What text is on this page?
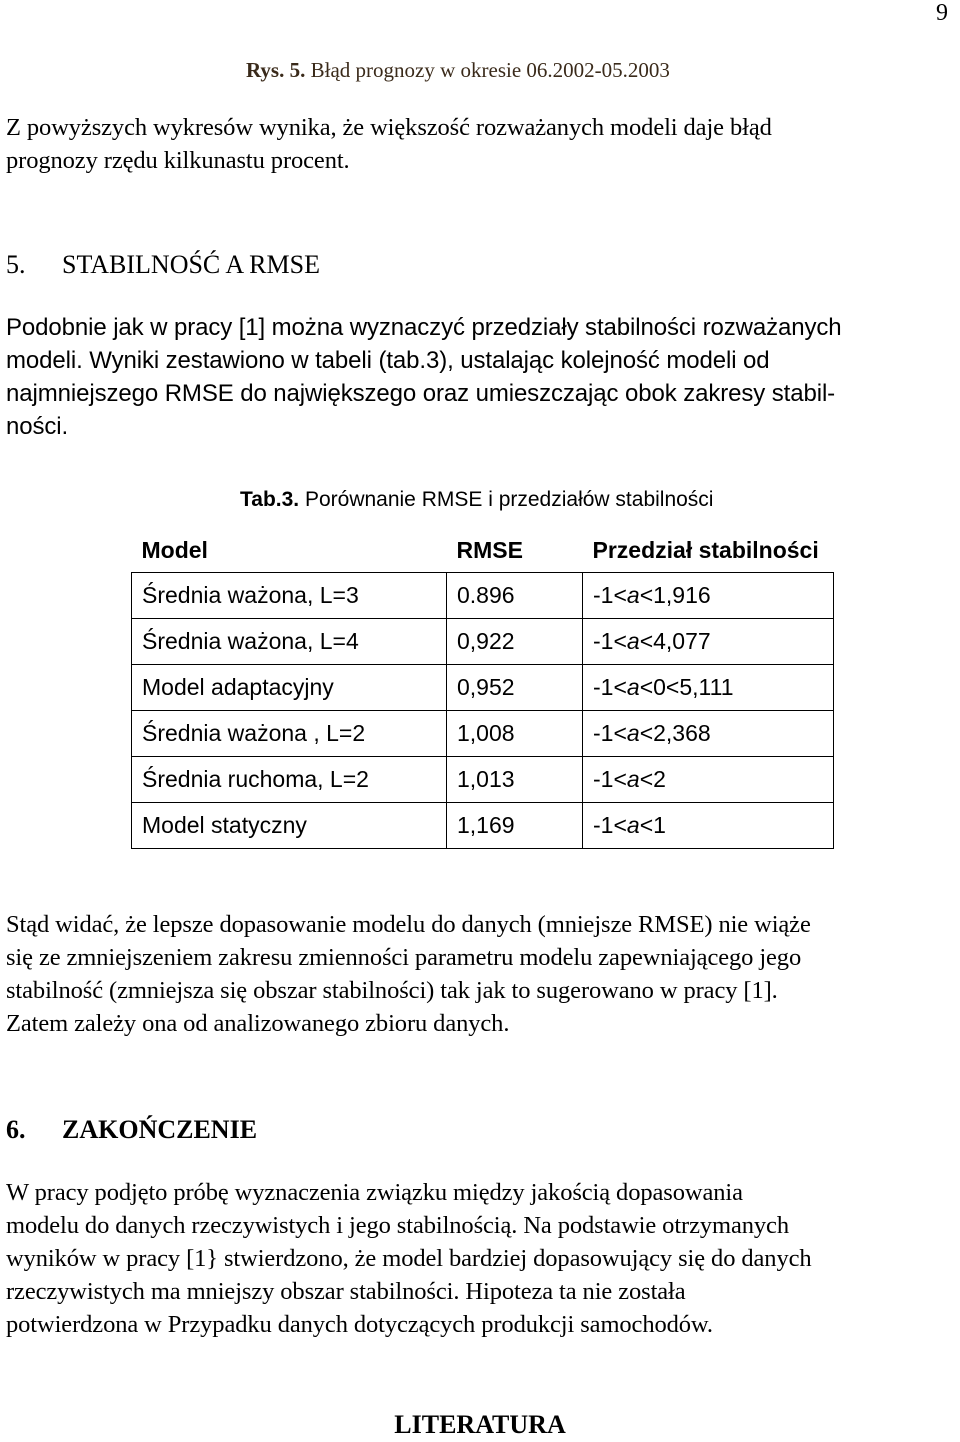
9

Rys. 5. Błąd prognozy w okresie 06.2002-05.2003

Z powyższych wykresów wynika, że większość rozważanych modeli daje błąd
prognozy rzędu kilkunastu procent.
5. STABILNOŚĆ A RMSE
Podobnie jak w pracy [1] można wyznaczyć przedziały stabilności rozważanych
modeli. Wyniki zestawiono w tabeli (tab.3), ustalając kolejność modeli od
najmniejszego RMSE do największego oraz umieszczając obok zakresy stabil-
ności.

Tab.3. Porównanie RMSE i przedziałów stabilności

Model	RMSE	Przedział stabilności
Średnia ważona, L=3	0.896	-1<a<1,916
Średnia ważona, L=4	0,922	-1<a<4,077
Model adaptacyjny	0,952	-1<a<0<5,111
Średnia ważona , L=2	1,008	-1<a<2,368
Średnia ruchoma, L=2	1,013	-1<a<2
Model statyczny	1,169	-1<a<1
Stąd widać, że lepsze dopasowanie modelu do danych (mniejsze RMSE) nie wiąże
się ze zmniejszeniem zakresu zmienności parametru modelu zapewniającego jego
stabilność (zmniejsza się obszar stabilności) tak jak to sugerowano w pracy [1].
Zatem zależy ona od analizowanego zbioru danych.
6. ZAKOŃCZENIE
W pracy podjęto próbę wyznaczenia związku między jakością dopasowania
modelu do danych rzeczywistych i jego stabilnością. Na podstawie otrzymanych
wyników w pracy [1} stwierdzono, że model bardziej dopasowujący się do danych
rzeczywistych ma mniejszy obszar stabilności. Hipoteza ta nie została
potwierdzona w Przypadku danych dotyczących produkcji samochodów.
LITERATURA
